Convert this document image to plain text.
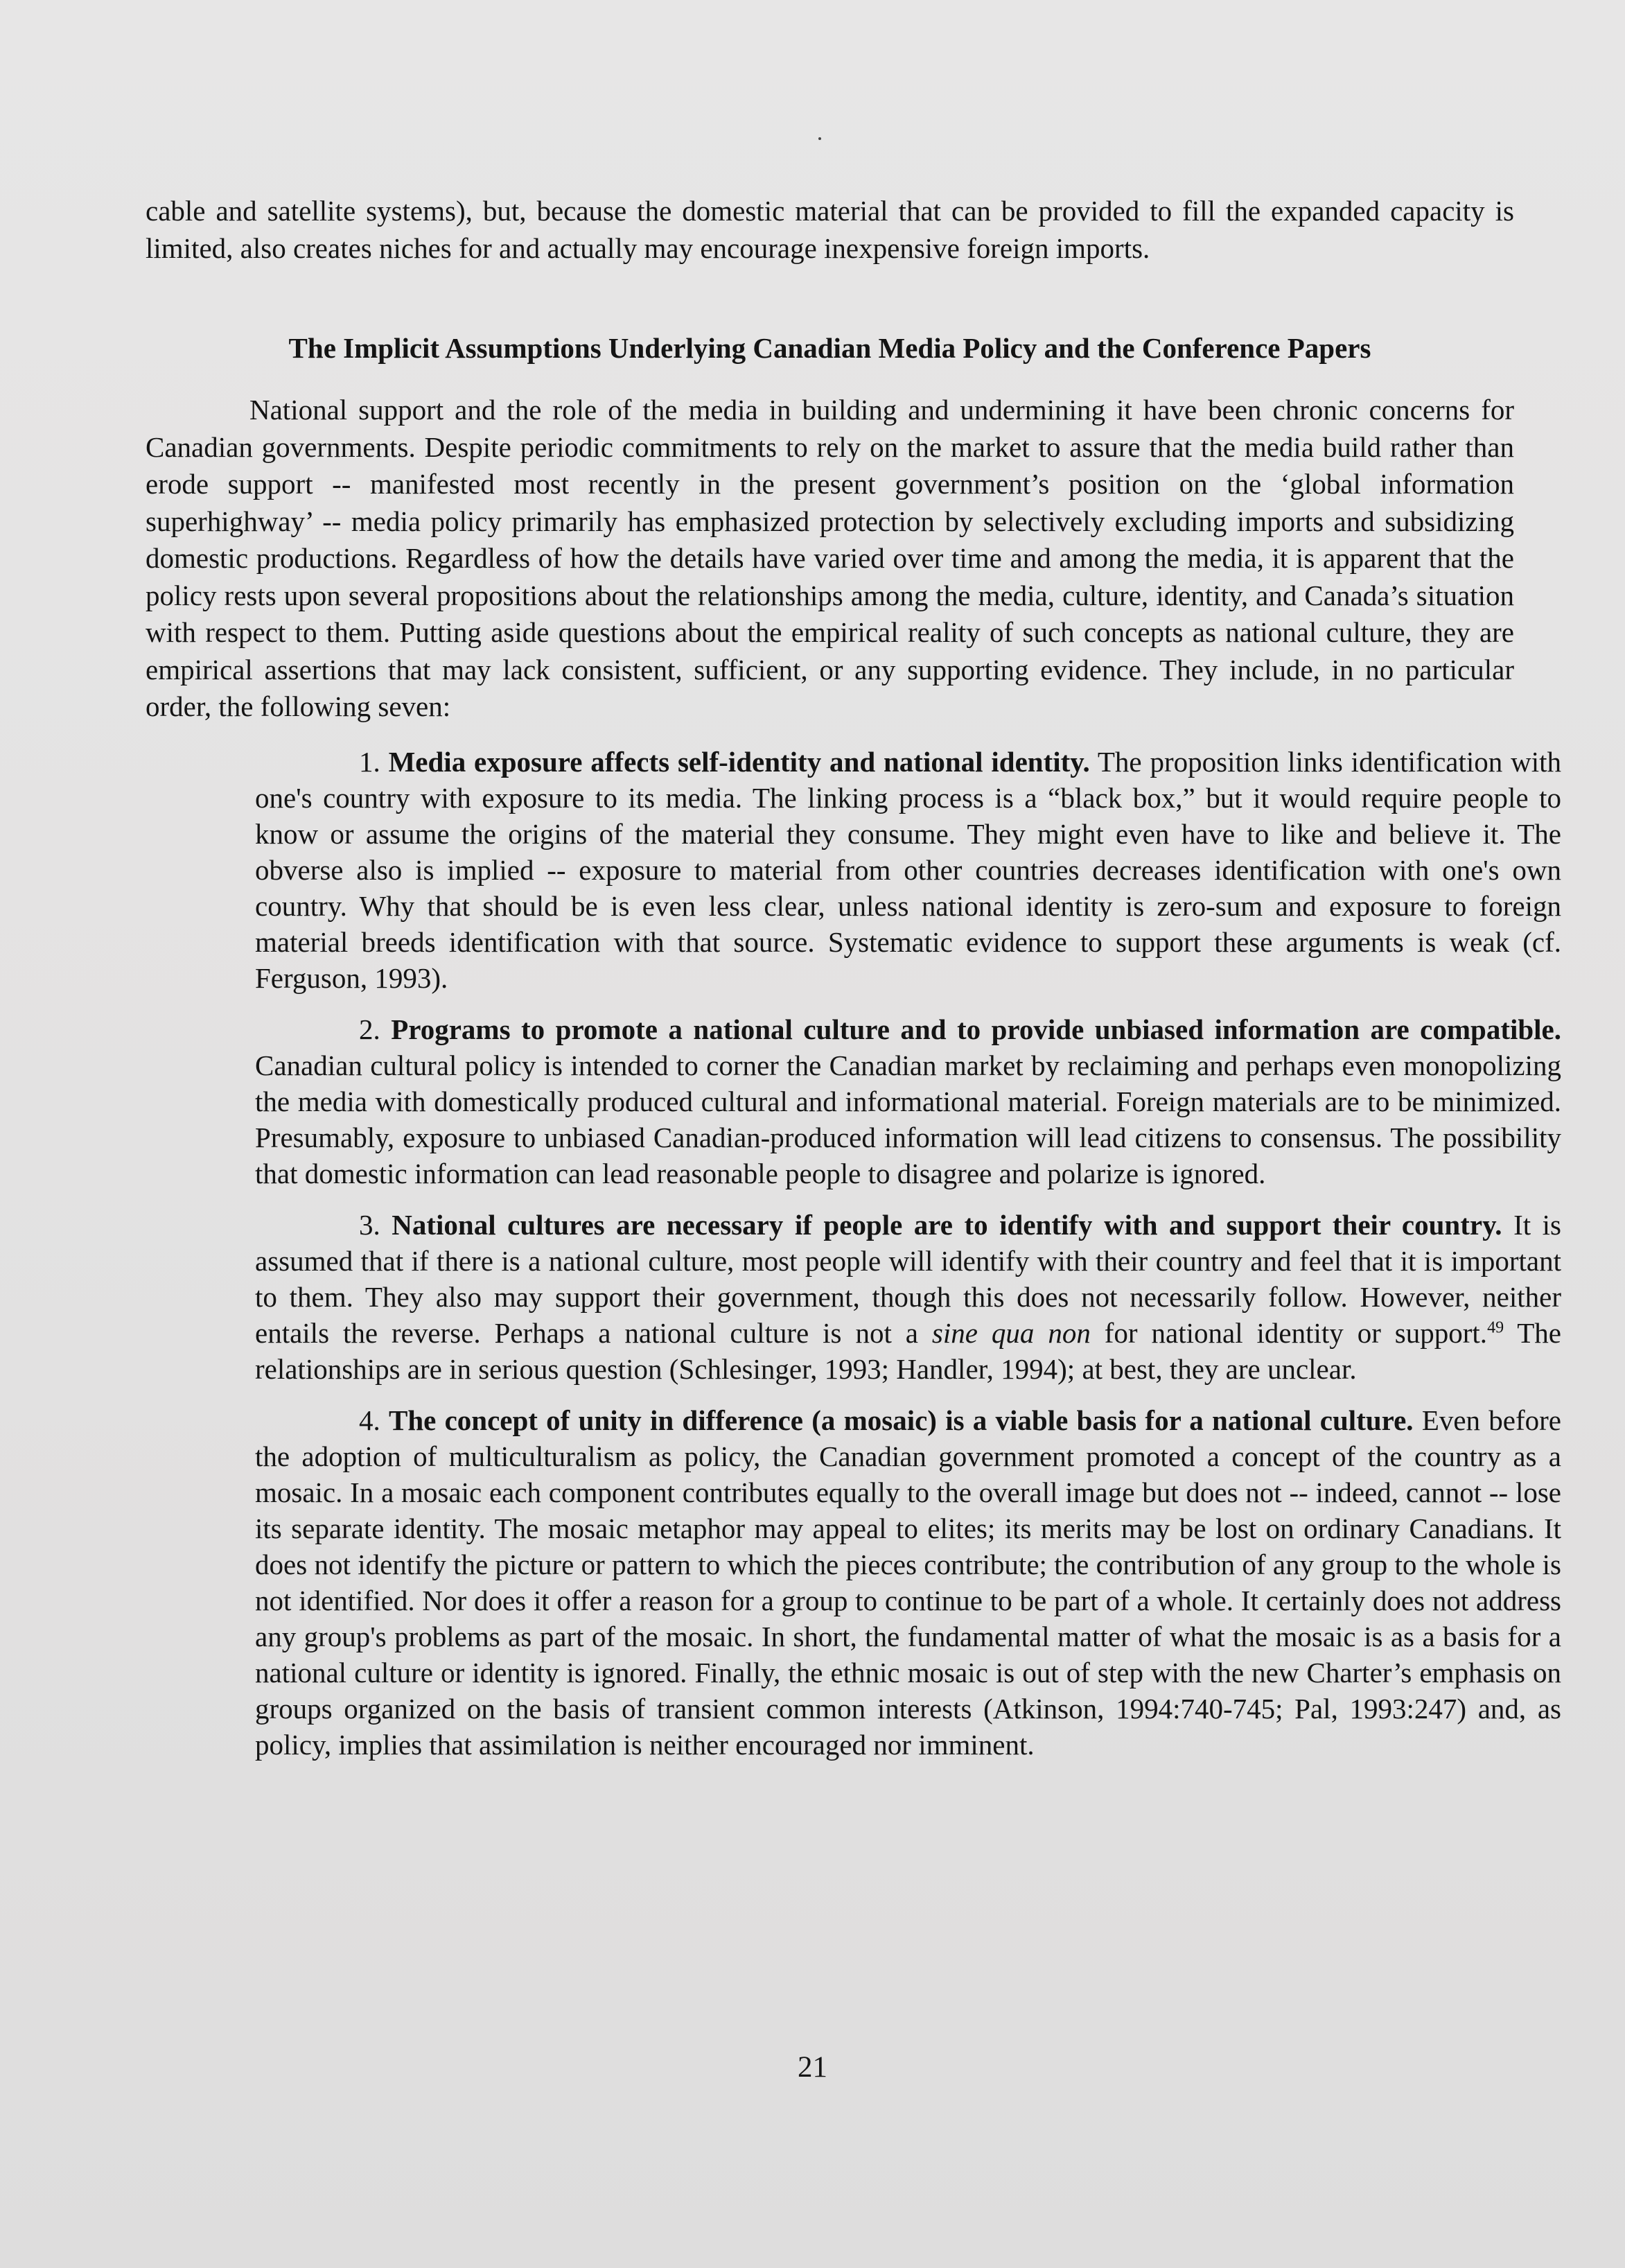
cable and satellite systems), but, because the domestic material that can be provided to fill the expanded capacity is limited, also creates niches for and actually may encourage inexpensive foreign imports.

The Implicit Assumptions Underlying Canadian Media Policy and the Conference Papers

National support and the role of the media in building and undermining it have been chronic concerns for Canadian governments. Despite periodic commitments to rely on the market to assure that the media build rather than erode support -- manifested most recently in the present government’s position on the ‘global information superhighway’ -- media policy primarily has emphasized protection by selectively excluding imports and subsidizing domestic productions. Regardless of how the details have varied over time and among the media, it is apparent that the policy rests upon several propositions about the relationships among the media, culture, identity, and Canada’s situation with respect to them. Putting aside questions about the empirical reality of such concepts as national culture, they are empirical assertions that may lack consistent, sufficient, or any supporting evidence. They include, in no particular order, the following seven:

1. Media exposure affects self-identity and national identity. The proposition links identification with one's country with exposure to its media. The linking process is a “black box,” but it would require people to know or assume the origins of the material they consume. They might even have to like and believe it. The obverse also is implied -- exposure to material from other countries decreases identification with one's own country. Why that should be is even less clear, unless national identity is zero-sum and exposure to foreign material breeds identification with that source. Systematic evidence to support these arguments is weak (cf. Ferguson, 1993).
2. Programs to promote a national culture and to provide unbiased information are compatible. Canadian cultural policy is intended to corner the Canadian market by reclaiming and perhaps even monopolizing the media with domestically produced cultural and informational material. Foreign materials are to be minimized. Presumably, exposure to unbiased Canadian-produced information will lead citizens to consensus. The possibility that domestic information can lead reasonable people to disagree and polarize is ignored.
3. National cultures are necessary if people are to identify with and support their country. It is assumed that if there is a national culture, most people will identify with their country and feel that it is important to them. They also may support their government, though this does not necessarily follow. However, neither entails the reverse. Perhaps a national culture is not a sine qua non for national identity or support.$^{49}$ The relationships are in serious question (Schlesinger, 1993; Handler, 1994); at best, they are unclear.
4. The concept of unity in difference (a mosaic) is a viable basis for a national culture. Even before the adoption of multiculturalism as policy, the Canadian government promoted a concept of the country as a mosaic. In a mosaic each component contributes equally to the overall image but does not -- indeed, cannot -- lose its separate identity. The mosaic metaphor may appeal to elites; its merits may be lost on ordinary Canadians. It does not identify the picture or pattern to which the pieces contribute; the contribution of any group to the whole is not identified. Nor does it offer a reason for a group to continue to be part of a whole. It certainly does not address any group's problems as part of the mosaic. In short, the fundamental matter of what the mosaic is as a basis for a national culture or identity is ignored. Finally, the ethnic mosaic is out of step with the new Charter’s emphasis on groups organized on the basis of transient common interests (Atkinson, 1994:740-745; Pal, 1993:247) and, as policy, implies that assimilation is neither encouraged nor imminent.
21
